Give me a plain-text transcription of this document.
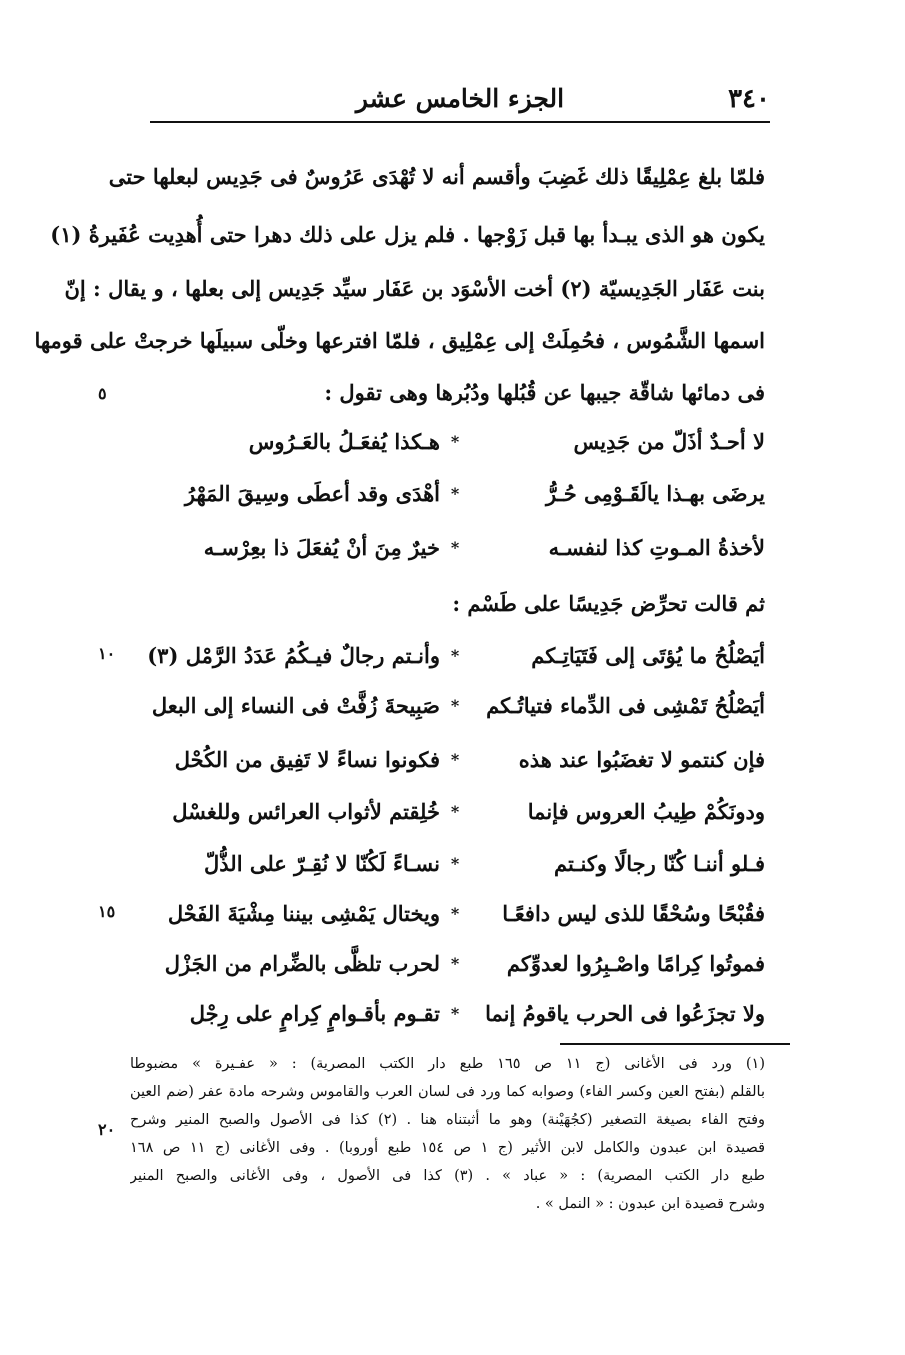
٣٤٠
الجزء الخامس عشر
فلمّا بلغ عِمْلِيقًا ذلك غَضِبَ وأقسم أنه لا تُهْدَى عَرُوسٌ فى جَدِيس لبعلها حتى
يكون هو الذى يبـدأ بها قبل زَوْجها . فلم يزل على ذلك دهرا حتى أُهدِيت عُفَيرةُ (١)
بنت عَفَار الجَدِيسيّة (٢) أخت الأسْوَد بن عَفَار سيِّد جَدِيس إلى بعلها ، و يقال : إنّ
اسمها الشَّمُوس ، فحُمِلَتْ إلى عِمْلِيق ، فلمّا افترعها وخلّى سبيلَها خرجتْ على قومها
فى دمائها شاقّة جيبها عن قُبُلها ودُبُرها وهى تقول :
لا أحـدٌ أذَلّ من جَدِيس
*
هـكذا يُفعَـلُ بالعَـرُوس
يرضَى بهـذا يالَقَـوْمِى حُـرُّ
*
أهْدَى وقد أعطَى وسِيقَ المَهْرُ
لأخذةُ المـوتِ كذا لنفسـه
*
خيرٌ مِنَ أنْ يُفعَلَ ذا بعِرْسـه
ثم قالت تحرِّض جَدِيسًا على طَسْم :
أيَصْلُحُ ما يُؤتَى إلى فَتَيَاتِـكم
*
وأنـتم رجالٌ فيـكُمُ عَدَدُ الرَّمْل (٣)
أيَصْلُحُ تَمْشِى فى الدِّماء فتياتُـكم
*
صَبِيحةَ زُفَّتْ فى النساء إلى البعل
فإن كنتمو لا تغضَبُوا عند هذه
*
فكونوا نساءً لا تَفِيق من الكُحْل
ودونَكُمْ طِيبُ العروس فإنما
*
خُلِقتم لأثواب العرائس وللغسْل
فـلو أننـا كُنّا رجالًا وكنـتم
*
نسـاءً لَكُنّا لا نُقِـرّ على الذُّلّ
فقُبْحًا وسُحْقًا للذى ليس دافعًـا
*
ويختال يَمْشِى بيننا مِشْيَةَ الفَحْل
فموتُوا كِرامًا واصْـبِرُوا لعدوِّكم
*
لحرب تلظَّى بالضِّرام من الجَزْل
ولا تجزَعُوا فى الحرب ياقومُ إنما
*
تقـوم بأقـوامٍ كِرامٍ على رِجْل
٥
١٠
١٥
٢٠
(١) ورد فى الأغانى (ج ١١ ص ١٦٥ طبع دار الكتب المصرية) : « عفـيرة » مضبوطا
بالقلم (بفتح العين وكسر الفاء) وصوابه كما ورد فى لسان العرب والقاموس وشرحه مادة عفر (ضم العين
وفتح الفاء بصيغة التصغير (كجُهَيْنة) وهو ما أثبتناه هنا . (٢) كذا فى الأصول والصبح المنير وشرح
قصيدة ابن عبدون والكامل لابن الأثير (ج ١ ص ١٥٤ طبع أوروبا) . وفى الأغانى (ج ١١ ص ١٦٨
طبع دار الكتب المصرية) : « عباد » . (٣) كذا فى الأصول ، وفى الأغانى والصبح المنير
وشرح قصيدة ابن عبدون : « النمل » .
